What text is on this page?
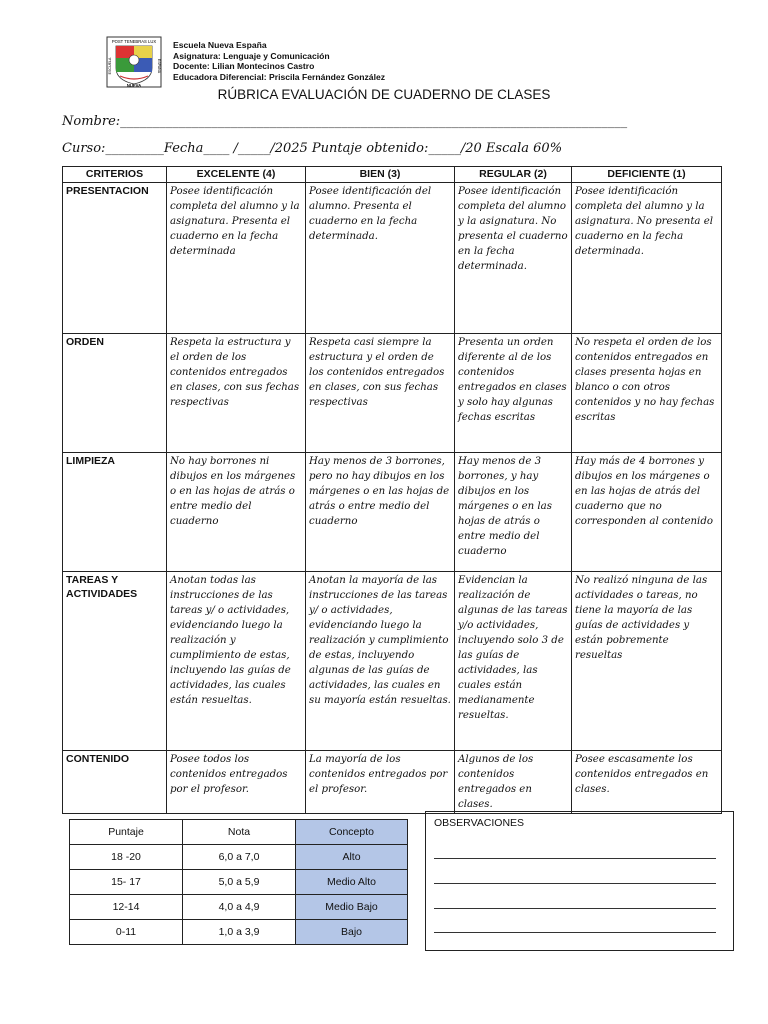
POST TENEBRAS LUX
ESCUELA
NUEVA
ESPAÑA
Escuela Nueva España
Asignatura: Lenguaje y Comunicación
Docente: Lilian Montecinos Castro
Educadora Diferencial: Priscila Fernández González
RÚBRICA EVALUACIÓN DE CUADERNO DE CLASES
Nombre:______________________________________________________________________________
Curso:_________Fecha____ /_____/2025 Puntaje obtenido:_____/20 Escala 60%
CRITERIOS	EXCELENTE (4)	BIEN (3)	REGULAR (2)	DEFICIENTE (1)
PRESENTACION	Posee identificación completa del alumno y la asignatura. Presenta el cuaderno en la fecha determinada	Posee identificación del alumno. Presenta el cuaderno en la fecha determinada.	Posee identificación completa del alumno y la asignatura. No presenta el cuaderno en la fecha determinada.	Posee identificación completa del alumno y la asignatura. No presenta el cuaderno en la fecha determinada.
ORDEN	Respeta la estructura y el orden de los contenidos entregados en clases, con sus fechas respectivas	Respeta casi siempre la estructura y el orden de los contenidos entregados en clases, con sus fechas respectivas	Presenta un orden diferente al de los contenidos entregados en clases y solo hay algunas fechas escritas	No respeta el orden de los contenidos entregados en clases presenta hojas en blanco o con otros contenidos y no hay fechas escritas
LIMPIEZA	No hay borrones ni dibujos en los márgenes o en las hojas de atrás o entre medio del cuaderno	Hay menos de 3 borrones, pero no hay dibujos en los márgenes o en las hojas de atrás o entre medio del cuaderno	Hay menos de 3 borrones, y hay dibujos en los márgenes o en las hojas de atrás o entre medio del cuaderno	Hay más de 4 borrones y dibujos en los márgenes o en las hojas de atrás del cuaderno que no corresponden al contenido
TAREAS Y ACTIVIDADES	Anotan todas las instrucciones de las tareas y/ o actividades, evidenciando luego la realización y cumplimiento de estas, incluyendo las guías de actividades, las cuales están resueltas.	Anotan la mayoría de las instrucciones de las tareas y/ o actividades, evidenciando luego la realización y cumplimiento de estas, incluyendo algunas de las guías de actividades, las cuales en su mayoría están resueltas.	Evidencian la realización de algunas de las tareas y/o actividades, incluyendo solo 3 de las guías de actividades, las cuales están medianamente resueltas.	No realizó ninguna de las actividades o tareas, no tiene la mayoría de las guías de actividades y están pobremente resueltas
CONTENIDO	Posee todos los contenidos entregados por el profesor.	La mayoría de los contenidos entregados por el profesor.	Algunos de los contenidos entregados en clases.	Posee escasamente los contenidos entregados en clases.
Puntaje	Nota	Concepto
18 -20	6,0 a 7,0	Alto
15- 17	5,0 a 5,9	Medio Alto
12-14	4,0 a 4,9	Medio Bajo
0-11	1,0 a 3,9	Bajo
OBSERVACIONES
